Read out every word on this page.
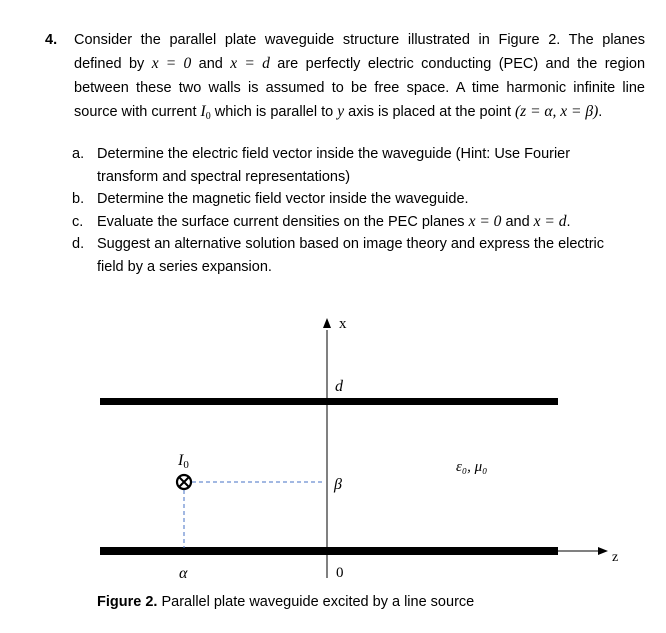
4. Consider the parallel plate waveguide structure illustrated in Figure 2. The planes defined by x = 0 and x = d are perfectly electric conducting (PEC) and the region between these two walls is assumed to be free space. A time harmonic infinite line source with current $I_0$ which is parallel to y axis is placed at the point (z = α, x = β).
a. Determine the electric field vector inside the waveguide (Hint: Use Fourier transform and spectral representations)
b. Determine the magnetic field vector inside the waveguide.
c. Evaluate the surface current densities on the PEC planes x = 0 and x = d.
d. Suggest an alternative solution based on image theory and express the electric field by a series expansion.
x
d
β
0
α
z
I0	ε₀, μ₀
Figure 2. Parallel plate waveguide excited by a line source
